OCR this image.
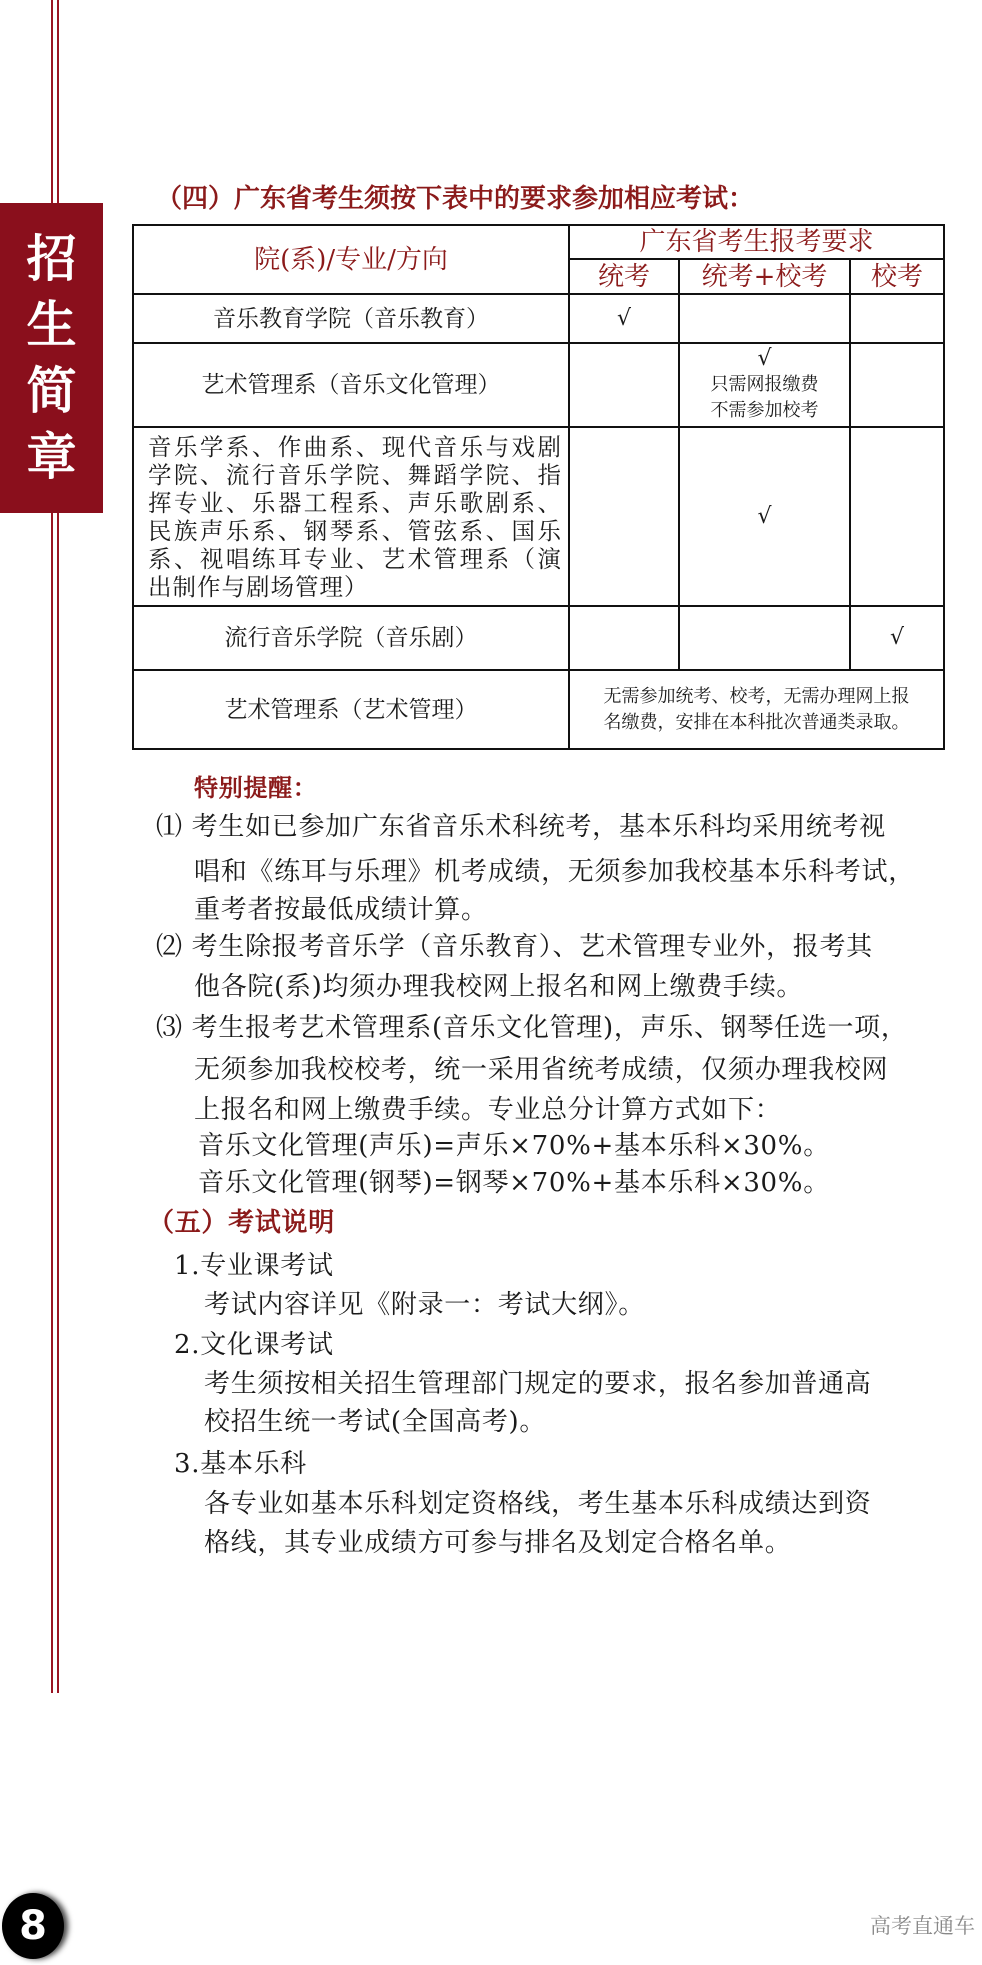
招
生
简
章
（四）广东省考生须按下表中的要求参加相应考试：
院(系)/专业/方向	广东省考生报考要求		
	统考	统考+校考	校考
音乐教育学院（音乐教育）	√		
艺术管理系（音乐文化管理）		√
只需网报缴费
不需参加校考	

音乐学系、作曲系、现代音乐与戏剧学院、流行音乐学院、舞蹈学院、指挥专业、乐器工程系、声乐歌剧系、民族声乐系、钢琴系、管弦系、国乐系、视唱练耳专业、艺术管理系（演出制作与剧场管理）		√	
流行音乐学院（音乐剧）			√
艺术管理系（艺术管理）	无需参加统考、校考，无需办理网上报名缴费，安排在本科批次普通类录取。		
特别提醒：
⑴ 考生如已参加广东省音乐术科统考，基本乐科均采用统考视
唱和《练耳与乐理》机考成绩，无须参加我校基本乐科考试，
重考者按最低成绩计算。
⑵ 考生除报考音乐学（音乐教育）、艺术管理专业外，报考其
他各院(系)均须办理我校网上报名和网上缴费手续。
⑶ 考生报考艺术管理系(音乐文化管理)，声乐、钢琴任选一项，
无须参加我校校考，统一采用省统考成绩，仅须办理我校网
上报名和网上缴费手续。专业总分计算方式如下：
音乐文化管理(声乐)=声乐×70%+基本乐科×30%。
音乐文化管理(钢琴)=钢琴×70%+基本乐科×30%。
（五）考试说明
1.专业课考试
考试内容详见《附录一：考试大纲》。
2.文化课考试
考生须按相关招生管理部门规定的要求，报名参加普通高
校招生统一考试(全国高考)。
3.基本乐科
各专业如基本乐科划定资格线，考生基本乐科成绩达到资
格线，其专业成绩方可参与排名及划定合格名单。
8	高考直通车
